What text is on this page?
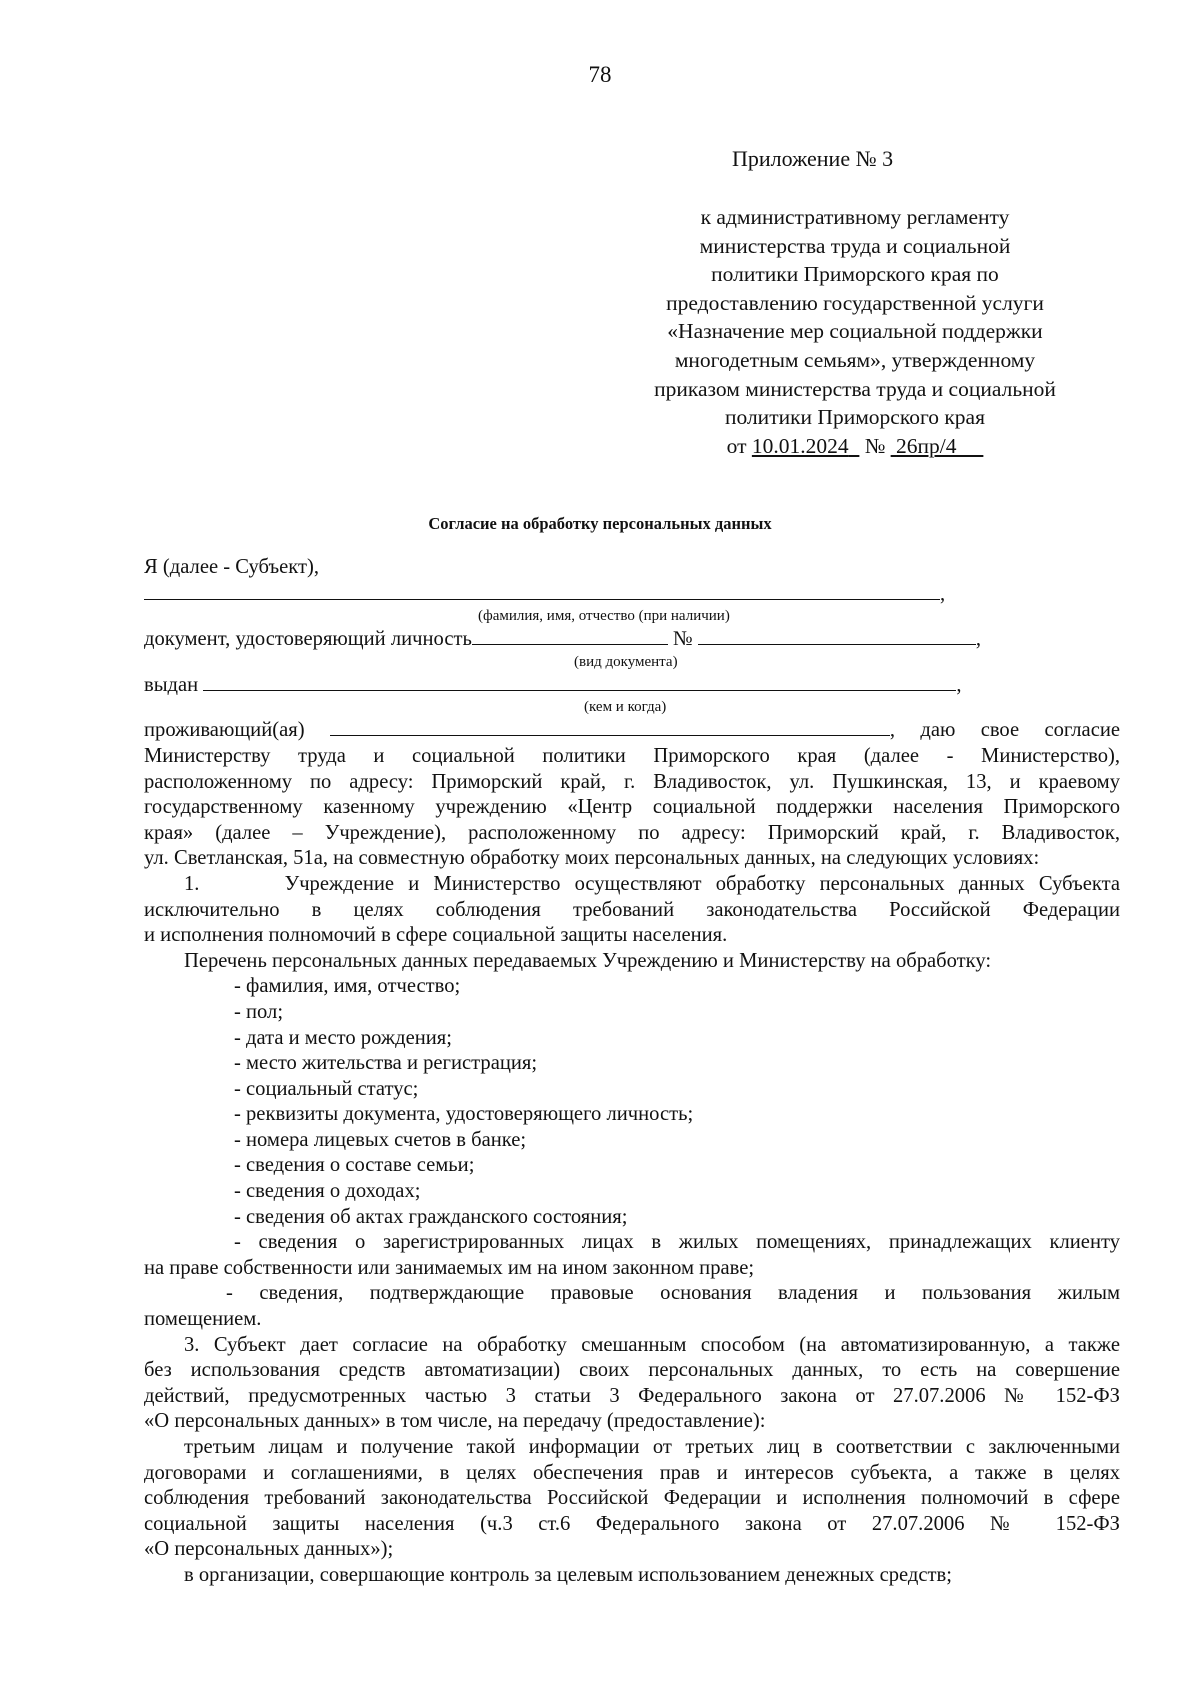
78
Приложение № 3
к административному регламенту
министерства труда и социальной
политики Приморского края по
предоставлению государственной услуги
«Назначение мер социальной поддержки
многодетным семьям», утвержденному
приказом министерства труда и социальной
политики Приморского края
от 10.01.2024 № 26пр/4
Согласие на обработку персональных данных
Я (далее - Субъект),
,
(фамилия, имя, отчество (при наличии)
документ, удостоверяющий личность	№	,
(вид документа)
выдан	,
(кем и когда)
проживающий(ая)	, даю свое согласие
Министерству труда и социальной политики Приморского края (далее - Министерство),
расположенному по адресу: Приморский край, г. Владивосток, ул. Пушкинская, 13, и краевому
государственному казенному учреждению «Центр социальной поддержки населения Приморского
края» (далее – Учреждение), расположенному по адресу: Приморский край, г. Владивосток,
ул. Светланская, 51а, на совместную обработку моих персональных данных, на следующих условиях:
1.	Учреждение и Министерство осуществляют обработку персональных данных Субъекта
исключительно в целях соблюдения требований законодательства Российской Федерации
и исполнения полномочий в сфере социальной защиты населения.
Перечень персональных данных передаваемых Учреждению и Министерству на обработку:
- фамилия, имя, отчество;
- пол;
- дата и место рождения;
- место жительства и регистрация;
- социальный статус;
- реквизиты документа, удостоверяющего личность;
- номера лицевых счетов в банке;
- сведения о составе семьи;
- сведения о доходах;
- сведения об актах гражданского состояния;
- сведения о зарегистрированных лицах в жилых помещениях, принадлежащих клиенту
на праве собственности или занимаемых им на ином законном праве;
- сведения, подтверждающие правовые основания владения и пользования жилым
помещением.
3. Субъект дает согласие на обработку смешанным способом (на автоматизированную, а также
без использования средств автоматизации) своих персональных данных, то есть на совершение
действий, предусмотренных частью 3 статьи 3 Федерального закона от 27.07.2006 № 152-ФЗ
«О персональных данных» в том числе, на передачу (предоставление):
третьим лицам и получение такой информации от третьих лиц в соответствии с заключенными
договорами и соглашениями, в целях обеспечения прав и интересов субъекта, а также в целях
соблюдения требований законодательства Российской Федерации и исполнения полномочий в сфере
социальной защиты населения (ч.3 ст.6 Федерального закона от 27.07.2006 № 152-ФЗ
«О персональных данных»);
в организации, совершающие контроль за целевым использованием денежных средств;
